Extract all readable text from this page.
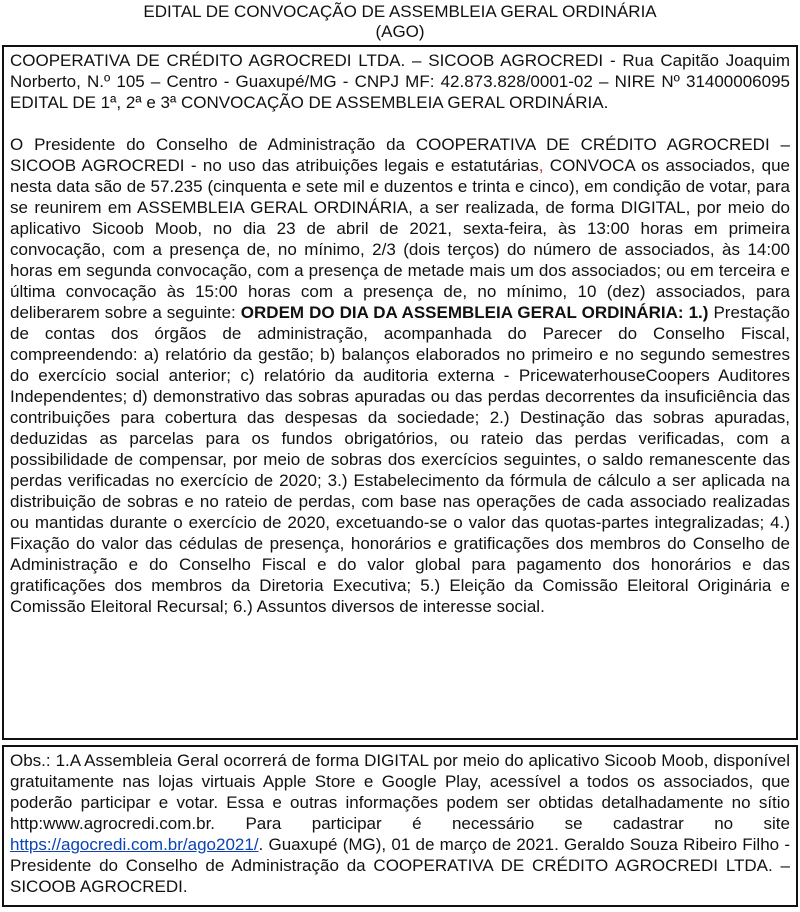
EDITAL DE CONVOCAÇÃO DE ASSEMBLEIA GERAL ORDINÁRIA
(AGO)

COOPERATIVA DE CRÉDITO AGROCREDI LTDA. – SICOOB AGROCREDI - Rua Capitão Joaquim Norberto, N.º 105 – Centro - Guaxupé/MG - CNPJ MF: 42.873.828/0001-02 – NIRE Nº 31400006095 EDITAL DE 1ª, 2ª e 3ª CONVOCAÇÃO DE ASSEMBLEIA GERAL ORDINÁRIA.

O Presidente do Conselho de Administração da COOPERATIVA DE CRÉDITO AGROCREDI – SICOOB AGROCREDI - no uso das atribuições legais e estatutárias, CONVOCA os associados, que nesta data são de 57.235 (cinquenta e sete mil e duzentos e trinta e cinco), em condição de votar, para se reunirem em ASSEMBLEIA GERAL ORDINÁRIA, a ser realizada, de forma DIGITAL, por meio do aplicativo Sicoob Moob, no dia 23 de abril de 2021, sexta-feira, às 13:00 horas em primeira convocação, com a presença de, no mínimo, 2/3 (dois terços) do número de associados, às 14:00 horas em segunda convocação, com a presença de metade mais um dos associados; ou em terceira e última convocação às 15:00 horas com a presença de, no mínimo, 10 (dez) associados, para deliberarem sobre a seguinte: ORDEM DO DIA DA ASSEMBLEIA GERAL ORDINÁRIA: 1.) Prestação de contas dos órgãos de administração, acompanhada do Parecer do Conselho Fiscal, compreendendo: a) relatório da gestão; b) balanços elaborados no primeiro e no segundo semestres do exercício social anterior; c) relatório da auditoria externa - PricewaterhouseCoopers Auditores Independentes; d) demonstrativo das sobras apuradas ou das perdas decorrentes da insuficiência das contribuições para cobertura das despesas da sociedade; 2.) Destinação das sobras apuradas, deduzidas as parcelas para os fundos obrigatórios, ou rateio das perdas verificadas, com a possibilidade de compensar, por meio de sobras dos exercícios seguintes, o saldo remanescente das perdas verificadas no exercício de 2020; 3.) Estabelecimento da fórmula de cálculo a ser aplicada na distribuição de sobras e no rateio de perdas, com base nas operações de cada associado realizadas ou mantidas durante o exercício de 2020, excetuando-se o valor das quotas-partes integralizadas; 4.) Fixação do valor das cédulas de presença, honorários e gratificações dos membros do Conselho de Administração e do Conselho Fiscal e do valor global para pagamento dos honorários e das gratificações dos membros da Diretoria Executiva; 5.) Eleição da Comissão Eleitoral Originária e Comissão Eleitoral Recursal; 6.) Assuntos diversos de interesse social.

Obs.: 1.A Assembleia Geral ocorrerá de forma DIGITAL por meio do aplicativo Sicoob Moob, disponível gratuitamente nas lojas virtuais Apple Store e Google Play, acessível a todos os associados, que poderão participar e votar. Essa e outras informações podem ser obtidas detalhadamente no sítio http:www.agrocredi.com.br. Para participar é necessário se cadastrar no site https://agocredi.com.br/ago2021/. Guaxupé (MG), 01 de março de 2021. Geraldo Souza Ribeiro Filho - Presidente do Conselho de Administração da COOPERATIVA DE CRÉDITO AGROCREDI LTDA. – SICOOB AGROCREDI.
